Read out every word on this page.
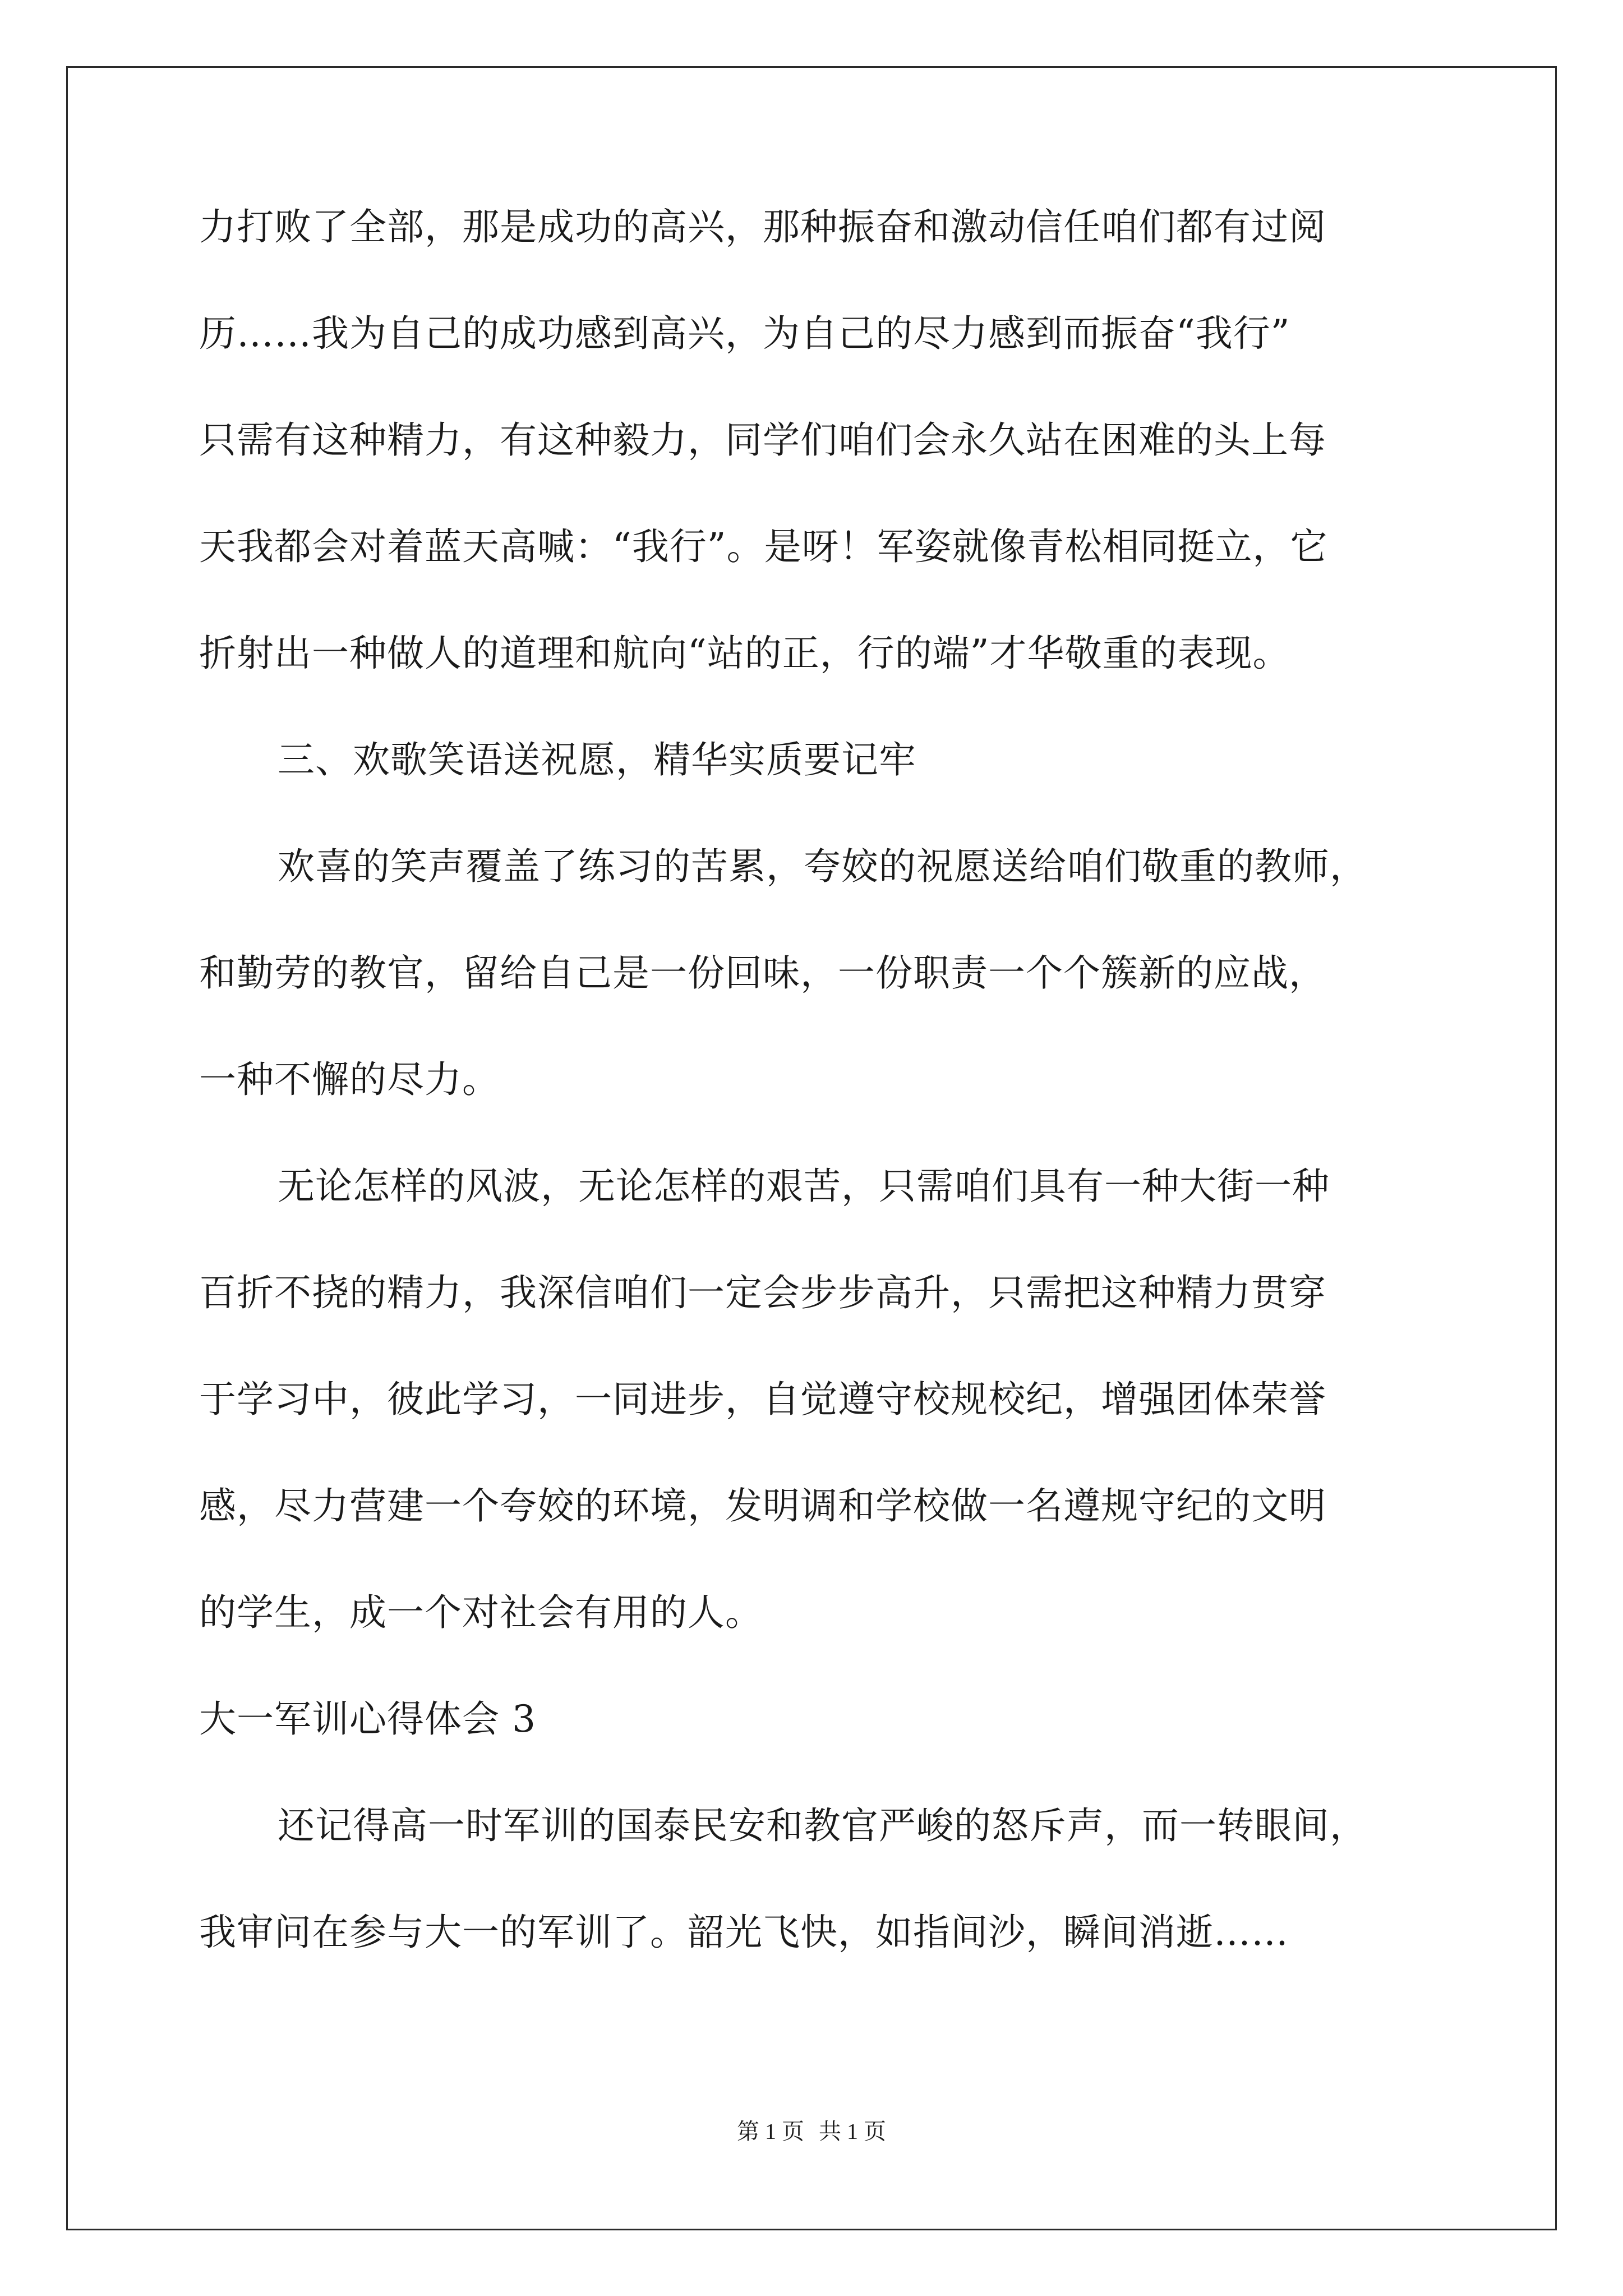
力打败了全部，那是成功的高兴，那种振奋和激动信任咱们都有过阅
历……我为自己的成功感到高兴，为自己的尽力感到而振奋“我行”
只需有这种精力，有这种毅力，同学们咱们会永久站在困难的头上每
天我都会对着蓝天高喊：“我行”。是呀！军姿就像青松相同挺立，它
折射出一种做人的道理和航向“站的正，行的端”才华敬重的表现。
三、欢歌笑语送祝愿，精华实质要记牢
欢喜的笑声覆盖了练习的苦累，夸姣的祝愿送给咱们敬重的教师，
和勤劳的教官，留给自己是一份回味，一份职责一个个簇新的应战，
一种不懈的尽力。
无论怎样的风波，无论怎样的艰苦，只需咱们具有一种大街一种
百折不挠的精力，我深信咱们一定会步步高升，只需把这种精力贯穿
于学习中，彼此学习，一同进步，自觉遵守校规校纪，增强团体荣誉
感，尽力营建一个夸姣的环境，发明调和学校做一名遵规守纪的文明
的学生，成一个对社会有用的人。
大一军训心得体会 3
还记得高一时军训的国泰民安和教官严峻的怒斥声，而一转眼间，
我审问在参与大一的军训了。韶光飞快，如指间沙，瞬间消逝……
第 1 页 共 1 页
